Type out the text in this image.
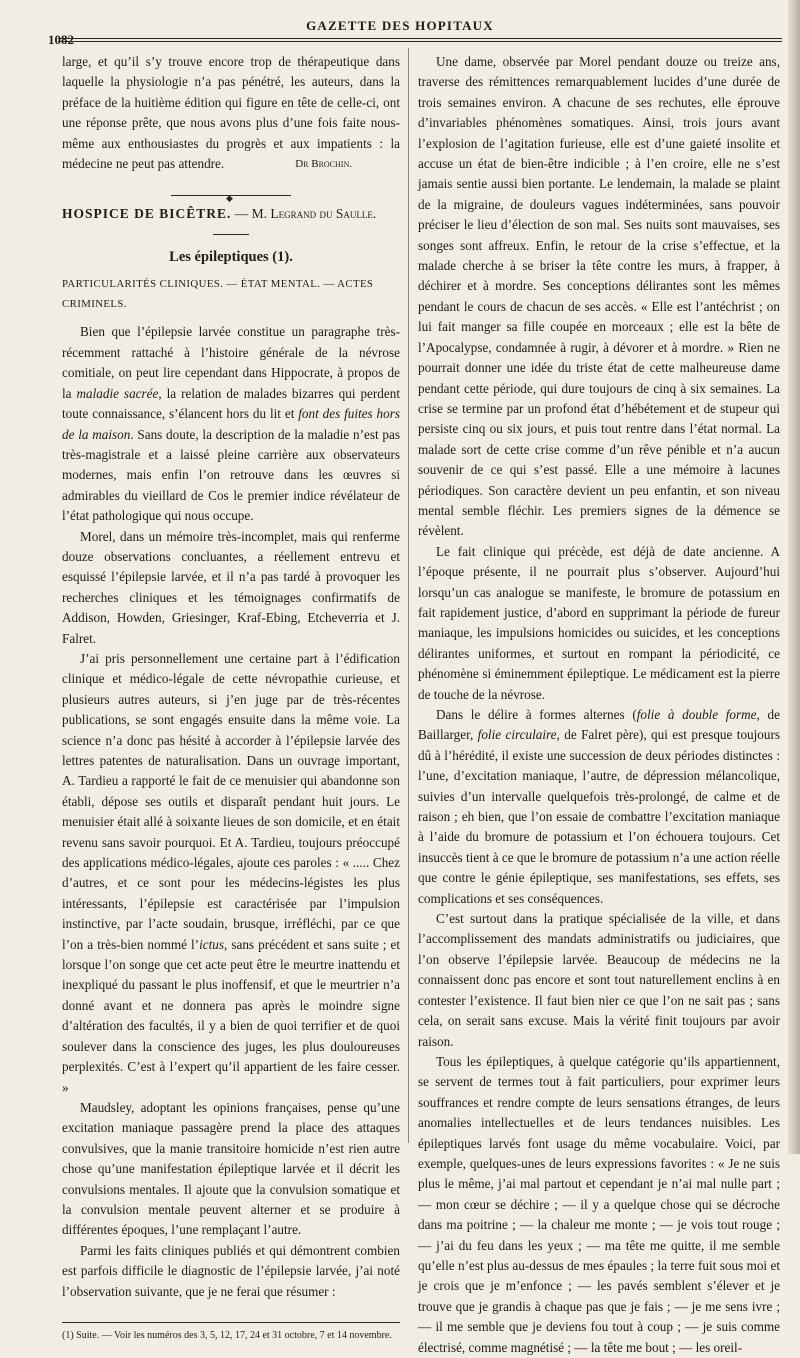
1082
GAZETTE DES HOPITAUX

large, et qu’il s’y trouve encore trop de thérapeutique dans laquelle la physiologie n’a pas pénétré, les auteurs, dans la préface de la huitième édition qui figure en tête de celle-ci, ont une réponse prête, que nous avons plus d’une fois faite nous-même aux enthousiastes du progrès et aux impatients : la médecine ne peut pas attendre.	Dr Brochin.
◆
HOSPICE DE BICÊTRE. — M. Legrand du Saulle.
Les épileptiques (1).
PARTICULARITÉS CLINIQUES. — ÉTAT MENTAL. — ACTES CRIMINELS.

Bien que l’épilepsie larvée constitue un paragraphe très-récemment rattaché à l’histoire générale de la névrose comitiale, on peut lire cependant dans Hippocrate, à propos de la maladie sacrée, la relation de malades bizarres qui perdent toute connaissance, s’élancent hors du lit et font des fuites hors de la maison. Sans doute, la description de la maladie n’est pas très-magistrale et a laissé pleine carrière aux observateurs modernes, mais enfin l’on retrouve dans les œuvres si admirables du vieillard de Cos le premier indice révélateur de l’état pathologique qui nous occupe.

Morel, dans un mémoire très-incomplet, mais qui renferme douze observations concluantes, a réellement entrevu et esquissé l’épilepsie larvée, et il n’a pas tardé à provoquer les recherches cliniques et les témoignages confirmatifs de Addison, Howden, Griesinger, Kraf-Ebing, Etcheverria et J. Falret.

J’ai pris personnellement une certaine part à l’édification clinique et médico-légale de cette névropathie curieuse, et plusieurs autres auteurs, si j’en juge par de très-récentes publications, se sont engagés ensuite dans la même voie. La science n’a donc pas hésité à accorder à l’épilepsie larvée des lettres patentes de naturalisation. Dans un ouvrage important, A. Tardieu a rapporté le fait de ce menuisier qui abandonne son établi, dépose ses outils et disparaît pendant huit jours. Le menuisier était allé à soixante lieues de son domicile, et en était revenu sans savoir pourquoi. Et A. Tardieu, toujours préoccupé des applications médico-légales, ajoute ces paroles : « ..... Chez d’autres, et ce sont pour les médecins-légistes les plus intéressants, l’épilepsie est caractérisée par l’impulsion instinctive, par l’acte soudain, brusque, irréfléchi, par ce que l’on a très-bien nommé l’ictus, sans précédent et sans suite ; et lorsque l’on songe que cet acte peut être le meurtre inattendu et inexpliqué du passant le plus inoffensif, et que le meurtrier n’a donné avant et ne donnera pas après le moindre signe d’altération des facultés, il y a bien de quoi terrifier et de quoi soulever dans la conscience des juges, les plus douloureuses perplexités. C’est à l’expert qu’il appartient de les faire cesser. »

Maudsley, adoptant les opinions françaises, pense qu’une excitation maniaque passagère prend la place des attaques convulsives, que la manie transitoire homicide n’est rien autre chose qu’une manifestation épileptique larvée et il décrit les convulsions mentales. Il ajoute que la convulsion somatique et la convulsion mentale peuvent alterner et se produire à différentes époques, l’une remplaçant l’autre.

Parmi les faits cliniques publiés et qui démontrent combien est parfois difficile le diagnostic de l’épilepsie larvée, j’ai noté l’observation suivante, que je ne ferai que résumer :

(1) Suite. — Voir les numéros des 3, 5, 12, 17, 24 et 31 octobre, 7 et 14 novembre.

Une dame, observée par Morel pendant douze ou treize ans, traverse des rémittences remarquablement lucides d’une durée de trois semaines environ. A chacune de ses rechutes, elle éprouve d’invariables phénomènes somatiques. Ainsi, trois jours avant l’explosion de l’agitation furieuse, elle est d’une gaieté insolite et accuse un état de bien-être indicible ; à l’en croire, elle ne s’est jamais sentie aussi bien portante. Le lendemain, la malade se plaint de la migraine, de douleurs vagues indéterminées, sans pouvoir préciser le lieu d’élection de son mal. Ses nuits sont mauvaises, ses songes sont affreux. Enfin, le retour de la crise s’effectue, et la malade cherche à se briser la tête contre les murs, à frapper, à déchirer et à mordre. Ses conceptions délirantes sont les mêmes pendant le cours de chacun de ses accès. « Elle est l’antéchrist ; on lui fait manger sa fille coupée en morceaux ; elle est la bête de l’Apocalypse, condamnée à rugir, à dévorer et à mordre. » Rien ne pourrait donner une idée du triste état de cette malheureuse dame pendant cette période, qui dure toujours de cinq à six semaines. La crise se termine par un profond état d’hébétement et de stupeur qui persiste cinq ou six jours, et puis tout rentre dans l’état normal. La malade sort de cette crise comme d’un rêve pénible et n’a aucun souvenir de ce qui s’est passé. Elle a une mémoire à lacunes périodiques. Son caractère devient un peu enfantin, et son niveau mental semble fléchir. Les premiers signes de la démence se révèlent.

Le fait clinique qui précède, est déjà de date ancienne. A l’époque présente, il ne pourrait plus s’observer. Aujourd’hui lorsqu’un cas analogue se manifeste, le bromure de potassium en fait rapidement justice, d’abord en supprimant la période de fureur maniaque, les impulsions homicides ou suicides, et les conceptions délirantes uniformes, et surtout en rompant la périodicité, ce phénomène si éminemment épileptique. Le médicament est la pierre de touche de la névrose.

Dans le délire à formes alternes (folie à double forme, de Baillarger, folie circulaire, de Falret père), qui est presque toujours dû à l’hérédité, il existe une succession de deux périodes distinctes : l’une, d’excitation maniaque, l’autre, de dépression mélancolique, suivies d’un intervalle quelquefois très-prolongé, de calme et de raison ; eh bien, que l’on essaie de combattre l’excitation maniaque à l’aide du bromure de potassium et l’on échouera toujours. Cet insuccès tient à ce que le bromure de potassium n’a une action réelle que contre le génie épileptique, ses manifestations, ses effets, ses complications et ses conséquences.

C’est surtout dans la pratique spécialisée de la ville, et dans l’accomplissement des mandats administratifs ou judiciaires, que l’on observe l’épilepsie larvée. Beaucoup de médecins ne la connaissent donc pas encore et sont tout naturellement enclins à en contester l’existence. Il faut bien nier ce que l’on ne sait pas ; sans cela, on serait sans excuse. Mais la vérité finit toujours par avoir raison.

Tous les épileptiques, à quelque catégorie qu’ils appartiennent, se servent de termes tout à fait particuliers, pour exprimer leurs souffrances et rendre compte de leurs sensations étranges, de leurs anomalies intellectuelles et de leurs tendances nuisibles. Les épileptiques larvés font usage du même vocabulaire. Voici, par exemple, quelques-unes de leurs expressions favorites : « Je ne suis plus le même, j’ai mal partout et cependant je n’ai mal nulle part ; — mon cœur se déchire ; — il y a quelque chose qui se décroche dans ma poitrine ; — la chaleur me monte ; — je vois tout rouge ; — j’ai du feu dans les yeux ; — ma tête me quitte, il me semble qu’elle n’est plus au-dessus de mes épaules ; la terre fuit sous moi et je crois que je m’enfonce ; — les pavés semblent s’élever et je trouve que je grandis à chaque pas que je fais ; — je me sens ivre ; — il me semble que je deviens fou tout à coup ; — je suis comme électrisé, comme magnétisé ; — la tête me bout ; — les oreil-
